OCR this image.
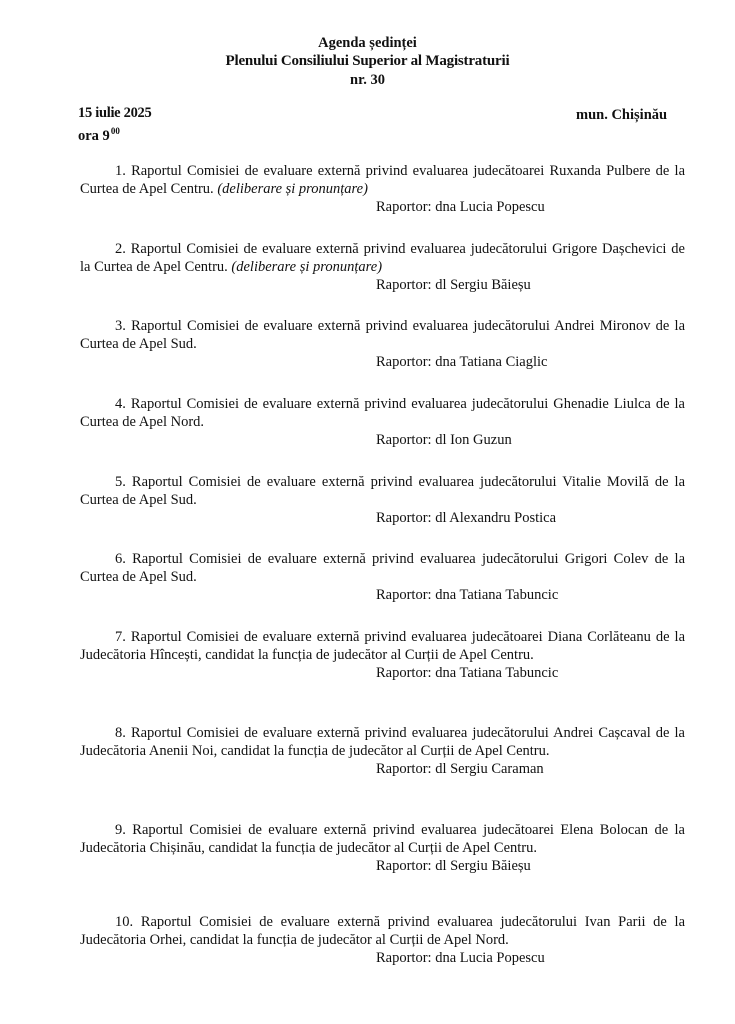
Agenda ședinței
Plenului Consiliului Superior al Magistraturii
nr. 30
15 iulie 2025
ora $9^{00}$
mun. Chișinău

1. Raportul Comisiei de evaluare externă privind evaluarea judecătoarei Ruxanda Pulbere de la Curtea de Apel Centru. (deliberare și pronunțare)

Raportor: dna Lucia Popescu

2. Raportul Comisiei de evaluare externă privind evaluarea judecătorului Grigore Dașchevici de la Curtea de Apel Centru. (deliberare și pronunțare)

Raportor: dl Sergiu Băieșu

3. Raportul Comisiei de evaluare externă privind evaluarea judecătorului Andrei Mironov de la Curtea de Apel Sud.

Raportor: dna Tatiana Ciaglic

4. Raportul Comisiei de evaluare externă privind evaluarea judecătorului Ghenadie Liulca de la Curtea de Apel Nord.

Raportor: dl Ion Guzun

5. Raportul Comisiei de evaluare externă privind evaluarea judecătorului Vitalie Movilă de la Curtea de Apel Sud.

Raportor: dl Alexandru Postica

6. Raportul Comisiei de evaluare externă privind evaluarea judecătorului Grigori Colev de la Curtea de Apel Sud.

Raportor: dna Tatiana Tabuncic

7. Raportul Comisiei de evaluare externă privind evaluarea judecătoarei Diana Corlăteanu de la Judecătoria Hîncești, candidat la funcția de judecător al Curții de Apel Centru.

Raportor: dna Tatiana Tabuncic

8. Raportul Comisiei de evaluare externă privind evaluarea judecătorului Andrei Cașcaval de la Judecătoria Anenii Noi, candidat la funcția de judecător al Curții de Apel Centru.

Raportor: dl Sergiu Caraman

9. Raportul Comisiei de evaluare externă privind evaluarea judecătoarei Elena Bolocan de la Judecătoria Chișinău, candidat la funcția de judecător al Curții de Apel Centru.

Raportor: dl Sergiu Băieșu

10. Raportul Comisiei de evaluare externă privind evaluarea judecătorului Ivan Parii de la Judecătoria Orhei, candidat la funcția de judecător al Curții de Apel Nord.

Raportor: dna Lucia Popescu
